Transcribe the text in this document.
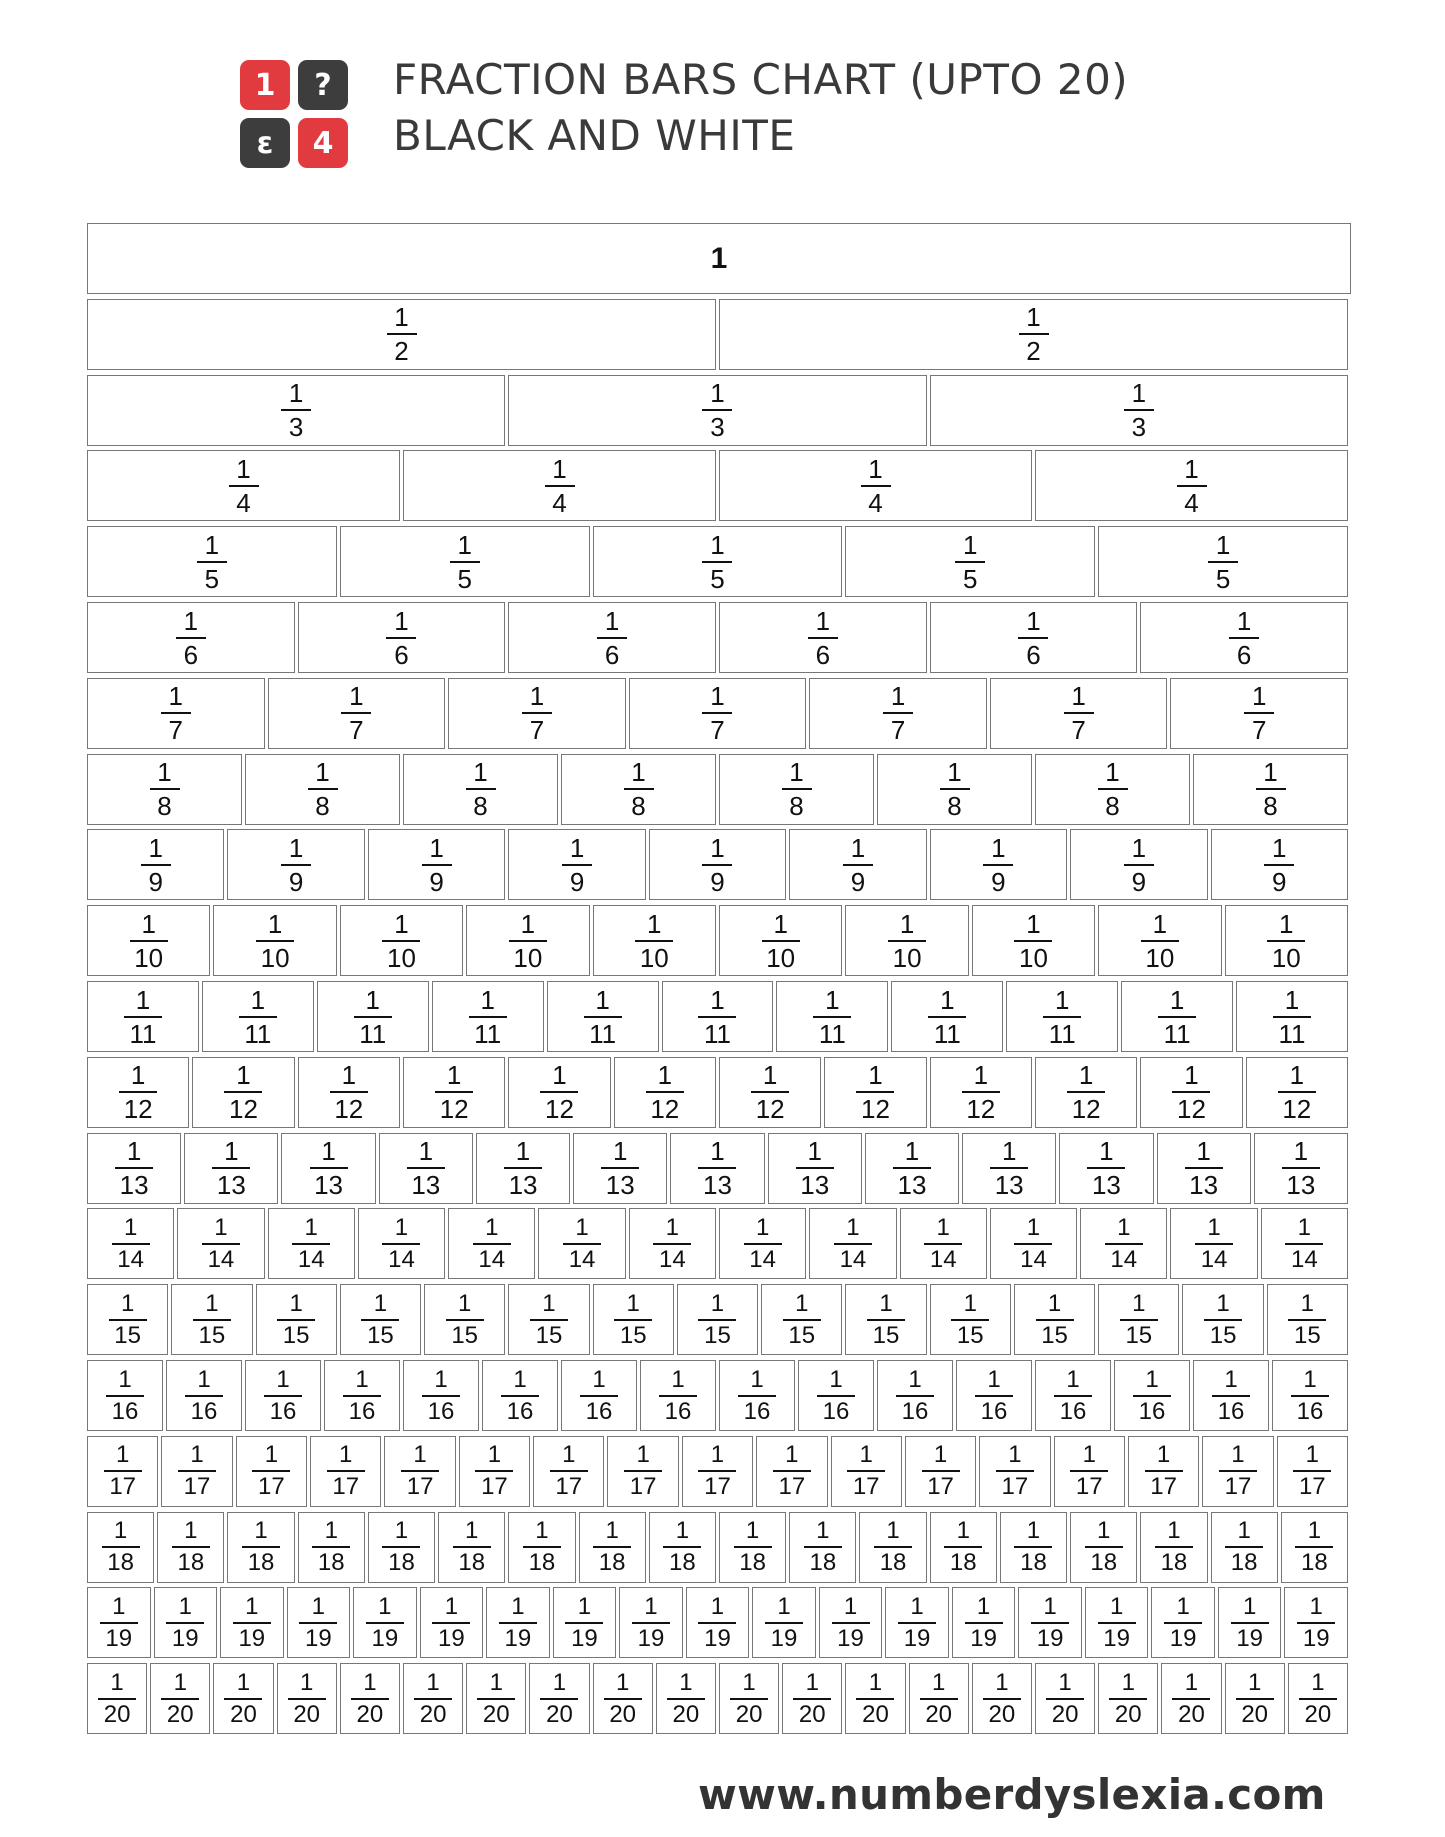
1	?
ε	4
FRACTION BARS CHART (UPTO 20)
BLACK AND WHITE
1
$\frac{1}{2}$	$\frac{1}{2}$
$\frac{1}{3}$	$\frac{1}{3}$	$\frac{1}{3}$
$\frac{1}{4}$	$\frac{1}{4}$	$\frac{1}{4}$	$\frac{1}{4}$
$\frac{1}{5}$	$\frac{1}{5}$	$\frac{1}{5}$	$\frac{1}{5}$	$\frac{1}{5}$
$\frac{1}{6}$	$\frac{1}{6}$	$\frac{1}{6}$	$\frac{1}{6}$	$\frac{1}{6}$	$\frac{1}{6}$
$\frac{1}{7}$	$\frac{1}{7}$	$\frac{1}{7}$	$\frac{1}{7}$	$\frac{1}{7}$	$\frac{1}{7}$	$\frac{1}{7}$
$\frac{1}{8}$	$\frac{1}{8}$	$\frac{1}{8}$	$\frac{1}{8}$	$\frac{1}{8}$	$\frac{1}{8}$	$\frac{1}{8}$	$\frac{1}{8}$
$\frac{1}{9}$	$\frac{1}{9}$	$\frac{1}{9}$	$\frac{1}{9}$	$\frac{1}{9}$	$\frac{1}{9}$	$\frac{1}{9}$	$\frac{1}{9}$	$\frac{1}{9}$
$\frac{1}{10}$	$\frac{1}{10}$	$\frac{1}{10}$	$\frac{1}{10}$	$\frac{1}{10}$	$\frac{1}{10}$	$\frac{1}{10}$	$\frac{1}{10}$	$\frac{1}{10}$	$\frac{1}{10}$
$\frac{1}{11}$	$\frac{1}{11}$	$\frac{1}{11}$	$\frac{1}{11}$	$\frac{1}{11}$	$\frac{1}{11}$	$\frac{1}{11}$	$\frac{1}{11}$	$\frac{1}{11}$	$\frac{1}{11}$	$\frac{1}{11}$
$\frac{1}{12}$	$\frac{1}{12}$	$\frac{1}{12}$	$\frac{1}{12}$	$\frac{1}{12}$	$\frac{1}{12}$	$\frac{1}{12}$	$\frac{1}{12}$	$\frac{1}{12}$	$\frac{1}{12}$	$\frac{1}{12}$	$\frac{1}{12}$
$\frac{1}{13} \frac{1}{13} \frac{1}{13} \frac{1}{13} \frac{1}{13} \frac{1}{13} \frac{1}{13} \frac{1}{13} \frac{1}{13} \frac{1}{13} \frac{1}{13} \frac{1}{13} \frac{1}{13}$
$\frac{1}{14} \frac{1}{14} \frac{1}{14} \frac{1}{14} \frac{1}{14} \frac{1}{14} \frac{1}{14} \frac{1}{14} \frac{1}{14} \frac{1}{14} \frac{1}{14} \frac{1}{14} \frac{1}{14} \frac{1}{14}$
$\frac{1}{15} \frac{1}{15} \frac{1}{15} \frac{1}{15} \frac{1}{15} \frac{1}{15} \frac{1}{15} \frac{1}{15} \frac{1}{15} \frac{1}{15} \frac{1}{15} \frac{1}{15} \frac{1}{15} \frac{1}{15} \frac{1}{15}$
$\frac{1}{16} \frac{1}{16} \frac{1}{16} \frac{1}{16} \frac{1}{16} \frac{1}{16} \frac{1}{16} \frac{1}{16} \frac{1}{16} \frac{1}{16} \frac{1}{16} \frac{1}{16} \frac{1}{16} \frac{1}{16} \frac{1}{16} \frac{1}{16}$
$\frac{1}{17} \frac{1}{17} \frac{1}{17} \frac{1}{17} \frac{1}{17} \frac{1}{17} \frac{1}{17} \frac{1}{17} \frac{1}{17} \frac{1}{17} \frac{1}{17} \frac{1}{17} \frac{1}{17} \frac{1}{17} \frac{1}{17} \frac{1}{17} \frac{1}{17}$
$\frac{1}{18} \frac{1}{18} \frac{1}{18} \frac{1}{18} \frac{1}{18} \frac{1}{18} \frac{1}{18} \frac{1}{18} \frac{1}{18} \frac{1}{18} \frac{1}{18} \frac{1}{18} \frac{1}{18} \frac{1}{18} \frac{1}{18} \frac{1}{18} \frac{1}{18} \frac{1}{18}$
$\frac{1}{19} \frac{1}{19} \frac{1}{19} \frac{1}{19} \frac{1}{19} \frac{1}{19} \frac{1}{19} \frac{1}{19} \frac{1}{19} \frac{1}{19} \frac{1}{19} \frac{1}{19} \frac{1}{19} \frac{1}{19} \frac{1}{19} \frac{1}{19} \frac{1}{19} \frac{1}{19} \frac{1}{19}$
$\frac{1}{20} \frac{1}{20} \frac{1}{20} \frac{1}{20} \frac{1}{20} \frac{1}{20} \frac{1}{20} \frac{1}{20} \frac{1}{20} \frac{1}{20} \frac{1}{20} \frac{1}{20} \frac{1}{20} \frac{1}{20} \frac{1}{20} \frac{1}{20} \frac{1}{20} \frac{1}{20} \frac{1}{20} \frac{1}{20}$
www.numberdyslexia.com
